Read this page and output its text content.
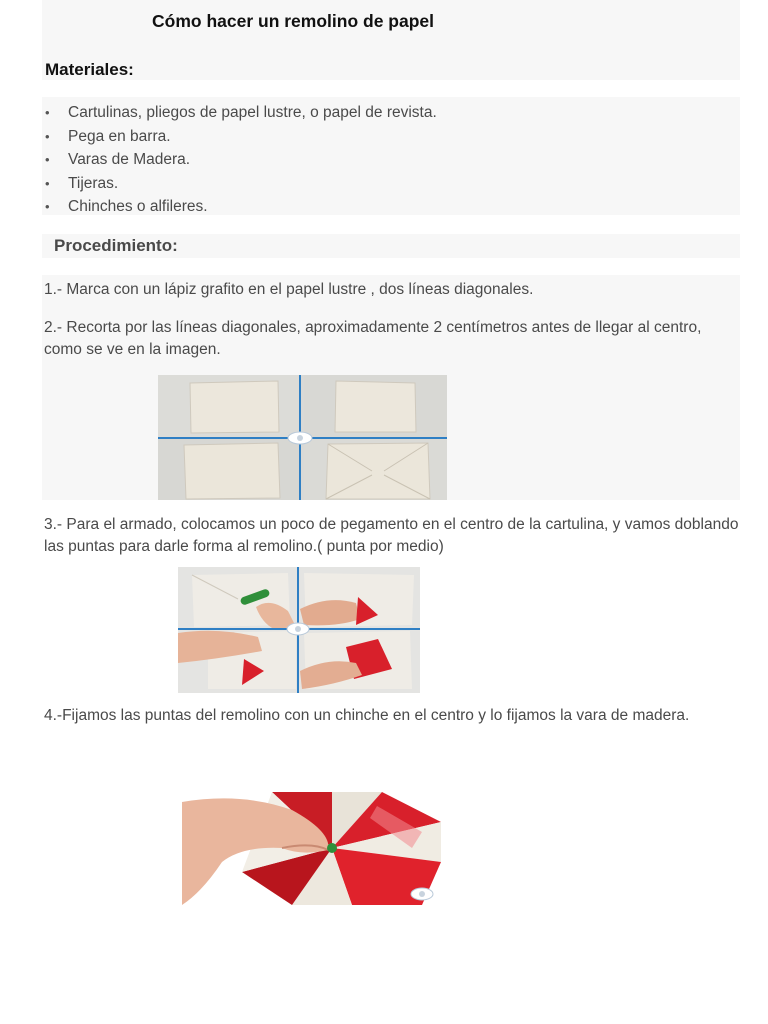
Cómo hacer un remolino de papel
Materiales:
• Cartulinas, pliegos de papel lustre, o papel de revista.
• Pega en barra.
• Varas de Madera.
• Tijeras.
• Chinches o alfileres.
Procedimiento:
1.- Marca con un lápiz grafito en el papel lustre , dos líneas diagonales.
2.- Recorta por las líneas diagonales, aproximadamente 2 centímetros antes de llegar al centro, como se ve en la imagen.
3.- Para el armado, colocamos un poco de pegamento en el centro de la cartulina, y vamos doblando las puntas para darle forma al remolino.( punta por medio)
4.-Fijamos las puntas del remolino con un chinche en el centro y lo fijamos la vara de madera.
